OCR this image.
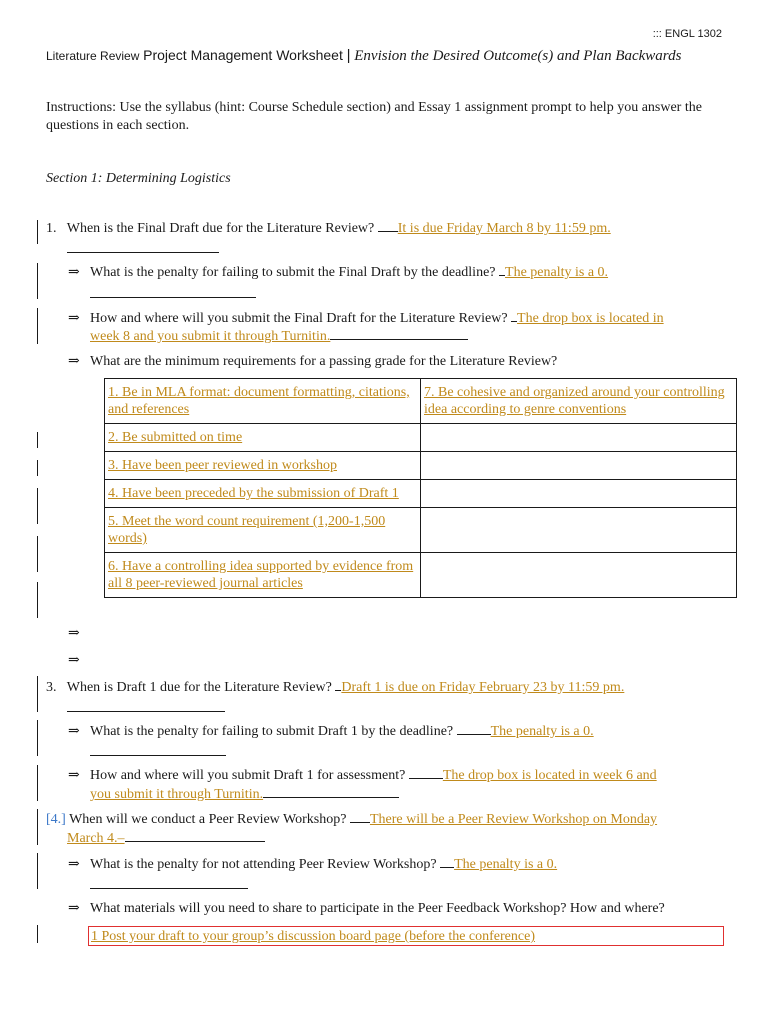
::: ENGL 1302
Literature Review Project Management Worksheet | Envision the Desired Outcome(s) and Plan Backwards
Instructions: Use the syllabus (hint: Course Schedule section) and Essay 1 assignment prompt to help you answer the questions in each section.
Section 1: Determining Logistics
1. When is the Final Draft due for the Literature Review? It is due Friday March 8 by 11:59 pm.
⇒ What is the penalty for failing to submit the Final Draft by the deadline? The penalty is a 0.
⇒ How and where will you submit the Final Draft for the Literature Review? The drop box is located in
week 8 and you submit it through Turnitin.
⇒ What are the minimum requirements for a passing grade for the Literature Review?
1. Be in MLA format: document formatting, citations, and references	7. Be cohesive and organized around your controlling idea according to genre conventions
2. Be submitted on time	
3. Have been peer reviewed in workshop	
4. Have been preceded by the submission of Draft 1	
5. Meet the word count requirement (1,200-1,500 words)	
6. Have a controlling idea supported by evidence from all 8 peer-reviewed journal articles	
⇒
⇒
3. When is Draft 1 due for the Literature Review? Draft 1 is due on Friday February 23 by 11:59 pm.
⇒ What is the penalty for failing to submit Draft 1 by the deadline?	The penalty is a 0.
⇒ How and where will you submit Draft 1 for assessment?	The drop box is located in week 6 and
you submit it through Turnitin.
[4.] When will we conduct a Peer Review Workshop? There will be a Peer Review Workshop on Monday
March 4.–
⇒ What is the penalty for not attending Peer Review Workshop? The penalty is a 0.
⇒ What materials will you need to share to participate in the Peer Feedback Workshop? How and where?
1 Post your draft to your group’s discussion board page (before the conference)
